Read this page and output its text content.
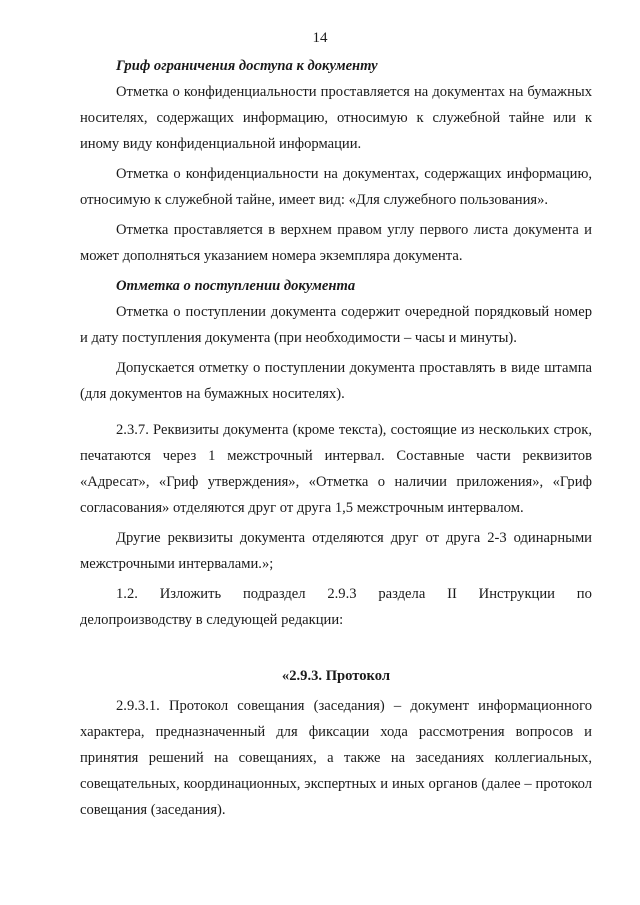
14

Гриф ограничения доступа к документу

Отметка о конфиденциальности проставляется на документах на бумажных носителях, содержащих информацию, относимую к служебной тайне или к иному виду конфиденциальной информации.

Отметка о конфиденциальности на документах, содержащих информацию, относимую к служебной тайне, имеет вид: «Для служебного пользования».

Отметка проставляется в верхнем правом углу первого листа документа и может дополняться указанием номера экземпляра документа.

Отметка о поступлении документа

Отметка о поступлении документа содержит очередной порядковый номер и дату поступления документа (при необходимости – часы и минуты).

Допускается отметку о поступлении документа проставлять в виде штампа (для документов на бумажных носителях).

2.3.7. Реквизиты документа (кроме текста), состоящие из нескольких строк, печатаются через 1 межстрочный интервал. Составные части реквизитов «Адресат», «Гриф утверждения», «Отметка о наличии приложения», «Гриф согласования» отделяются друг от друга 1,5 межстрочным интервалом.

Другие реквизиты документа отделяются друг от друга 2-3 одинарными межстрочными интервалами.»;

1.2. Изложить подраздел 2.9.3 раздела II Инструкции по

делопроизводству в следующей редакции:

«2.9.3. Протокол

2.9.3.1. Протокол совещания (заседания) – документ информационного характера, предназначенный для фиксации хода рассмотрения вопросов и принятия решений на совещаниях, а также на заседаниях коллегиальных, совещательных, координационных, экспертных и иных органов (далее – протокол совещания (заседания).
